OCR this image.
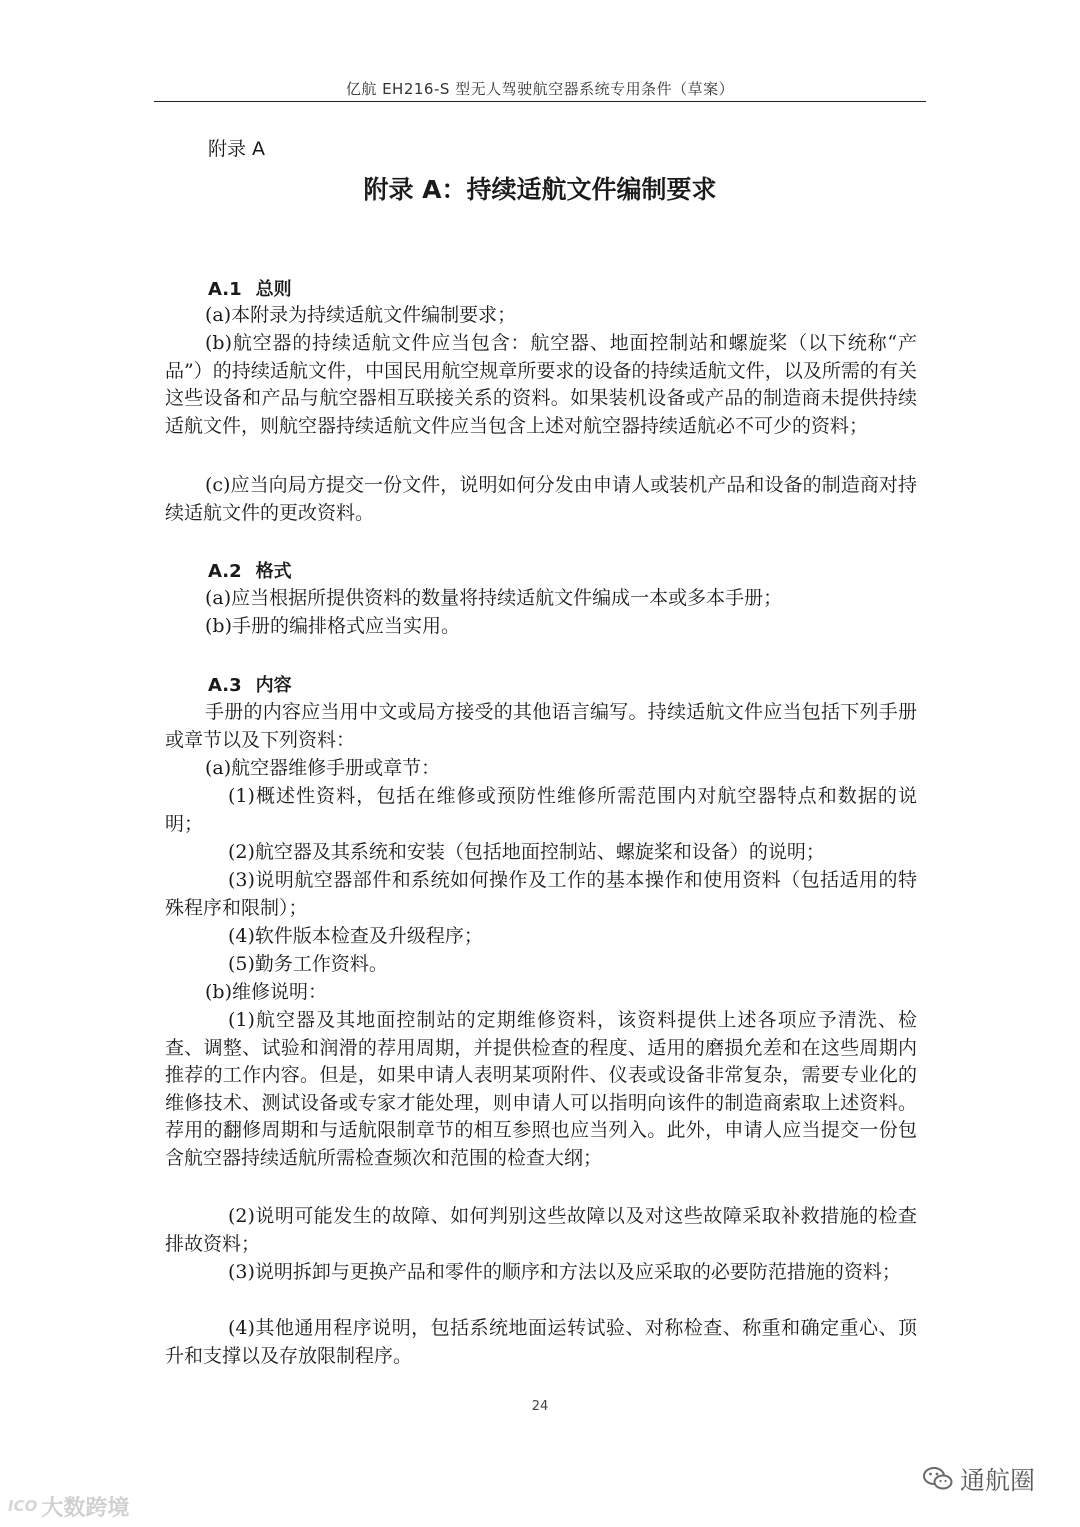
亿航 EH216-S 型无人驾驶航空器系统专用条件（草案）
附录 A
附录 A：持续适航文件编制要求
A.1 总则

(a)本附录为持续适航文件编制要求；

(b)航空器的持续适航文件应当包含：航空器、地面控制站和螺旋桨（以下统称“产品”）的持续适航文件，中国民用航空规章所要求的设备的持续适航文件，以及所需的有关这些设备和产品与航空器相互联接关系的资料。如果装机设备或产品的制造商未提供持续适航文件，则航空器持续适航文件应当包含上述对航空器持续适航必不可少的资料；

(c)应当向局方提交一份文件，说明如何分发由申请人或装机产品和设备的制造商对持续适航文件的更改资料。

A.2 格式

(a)应当根据所提供资料的数量将持续适航文件编成一本或多本手册；

(b)手册的编排格式应当实用。

A.3 内容

手册的内容应当用中文或局方接受的其他语言编写。持续适航文件应当包括下列手册或章节以及下列资料：

(a)航空器维修手册或章节：

(1)概述性资料，包括在维修或预防性维修所需范围内对航空器特点和数据的说明；

(2)航空器及其系统和安装（包括地面控制站、螺旋桨和设备）的说明；

(3)说明航空器部件和系统如何操作及工作的基本操作和使用资料（包括适用的特殊程序和限制）；

(4)软件版本检查及升级程序；

(5)勤务工作资料。

(b)维修说明：

(1)航空器及其地面控制站的定期维修资料，该资料提供上述各项应予清洗、检查、调整、试验和润滑的荐用周期，并提供检查的程度、适用的磨损允差和在这些周期内推荐的工作内容。但是，如果申请人表明某项附件、仪表或设备非常复杂，需要专业化的维修技术、测试设备或专家才能处理，则申请人可以指明向该件的制造商索取上述资料。荐用的翻修周期和与适航限制章节的相互参照也应当列入。此外，申请人应当提交一份包含航空器持续适航所需检查频次和范围的检查大纲；

(2)说明可能发生的故障、如何判别这些故障以及对这些故障采取补救措施的检查排故资料；

(3)说明拆卸与更换产品和零件的顺序和方法以及应采取的必要防范措施的资料；

(4)其他通用程序说明，包括系统地面运转试验、对称检查、称重和确定重心、顶升和支撑以及存放限制程序。

24
通航圈
ICO 大数跨境
